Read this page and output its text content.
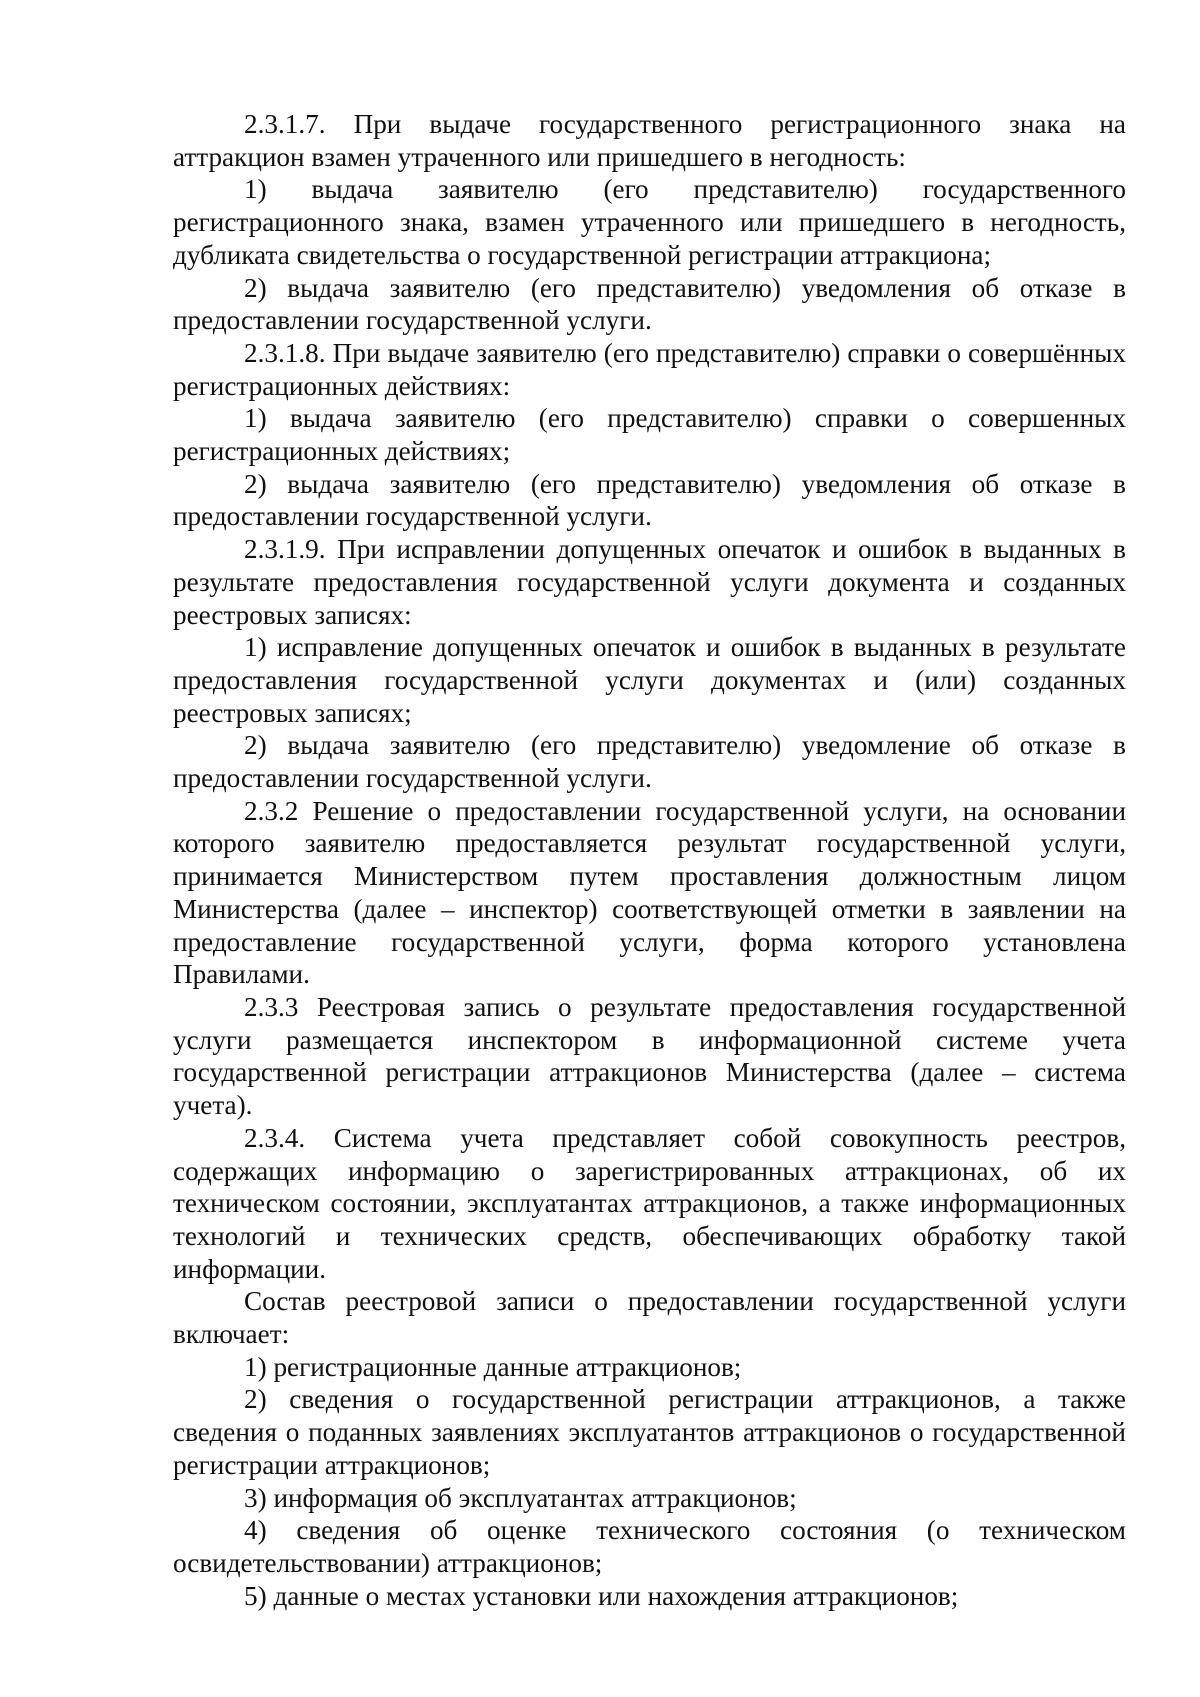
2.3.1.7. При выдаче государственного регистрационного знака на аттракцион взамен утраченного или пришедшего в негодность:

1) выдача заявителю (его представителю) государственного регистрационного знака, взамен утраченного или пришедшего в негодность, дубликата свидетельства о государственной регистрации аттракциона;

2) выдача заявителю (его представителю) уведомления об отказе в предоставлении государственной услуги.

2.3.1.8. При выдаче заявителю (его представителю) справки о совершённых регистрационных действиях:

1) выдача заявителю (его представителю) справки о совершенных регистрационных действиях;

2) выдача заявителю (его представителю) уведомления об отказе в предоставлении государственной услуги.

2.3.1.9. При исправлении допущенных опечаток и ошибок в выданных в результате предоставления государственной услуги документа и созданных реестровых записях:

1) исправление допущенных опечаток и ошибок в выданных в результате предоставления государственной услуги документах и (или) созданных реестровых записях;

2) выдача заявителю (его представителю) уведомление об отказе в предоставлении государственной услуги.

2.3.2 Решение о предоставлении государственной услуги, на основании которого заявителю предоставляется результат государственной услуги, принимается Министерством путем проставления должностным лицом Министерства (далее – инспектор) соответствующей отметки в заявлении на предоставление государственной услуги, форма которого установлена Правилами.

2.3.3 Реестровая запись о результате предоставления государственной услуги размещается инспектором в информационной системе учета государственной регистрации аттракционов Министерства (далее – система учета).

2.3.4. Система учета представляет собой совокупность реестров, содержащих информацию о зарегистрированных аттракционах, об их техническом состоянии, эксплуатантах аттракционов, а также информационных технологий и технических средств, обеспечивающих обработку такой информации.

Состав реестровой записи о предоставлении государственной услуги включает:

1) регистрационные данные аттракционов;

2) сведения о государственной регистрации аттракционов, а также сведения о поданных заявлениях эксплуатантов аттракционов о государственной регистрации аттракционов;

3) информация об эксплуатантах аттракционов;

4) сведения об оценке технического состояния (о техническом освидетельствовании) аттракционов;

5) данные о местах установки или нахождения аттракционов;
